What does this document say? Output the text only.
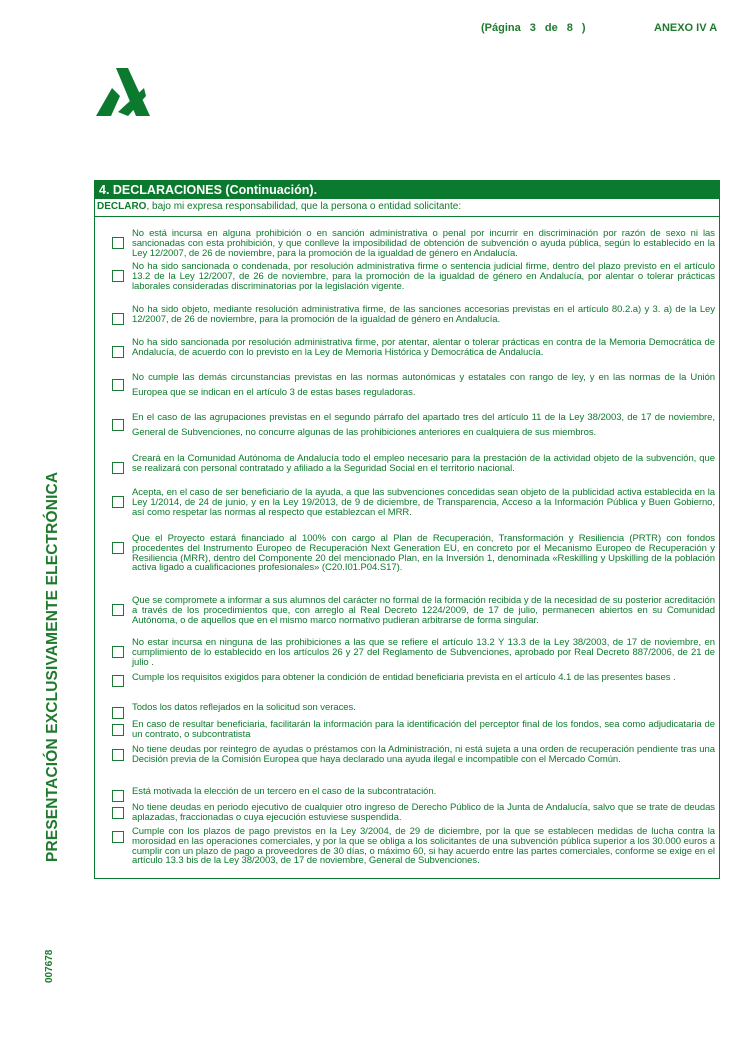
(Página 3 de 8 )	ANEXO IV A
PRESENTACIÓN EXCLUSIVAMENTE ELECTRÓNICA
007678
4. DECLARACIONES (Continuación).
DECLARO, bajo mi expresa responsabilidad, que la persona o entidad solicitante:
No está incursa en alguna prohibición o en sanción administrativa o penal por incurrir en discriminación por razón de sexo ni las sancionadas con esta prohibición, y que conlleve la imposibilidad de obtención de subvención o ayuda pública, según lo establecido en la Ley 12/2007, de 26 de noviembre, para la promoción de la igualdad de género en Andalucía.
No ha sido sancionada o condenada, por resolución administrativa firme o sentencia judicial firme, dentro del plazo previsto en el artículo 13.2 de la Ley 12/2007, de 26 de noviembre, para la promoción de la igualdad de género en Andalucía, por alentar o tolerar prácticas laborales consideradas discriminatorias por la legislación vigente.
No ha sido objeto, mediante resolución administrativa firme, de las sanciones accesorias previstas en el artículo 80.2.a) y 3. a) de la Ley 12/2007, de 26 de noviembre, para la promoción de la igualdad de género en Andalucía.
No ha sido sancionada por resolución administrativa firme, por atentar, alentar o tolerar prácticas en contra de la Memoria Democrática de Andalucía, de acuerdo con lo previsto en la Ley de Memoria Histórica y Democrática de Andalucía.
No cumple las demás circunstancias previstas en las normas autonómicas y estatales con rango de ley, y en las normas de la Unión Europea que se indican en el artículo 3 de estas bases reguladoras.
En el caso de las agrupaciones previstas en el segundo párrafo del apartado tres del artículo 11 de la Ley 38/2003, de 17 de noviembre, General de Subvenciones, no concurre algunas de las prohibiciones anteriores en cualquiera de sus miembros.
Creará en la Comunidad Autónoma de Andalucía todo el empleo necesario para la prestación de la actividad objeto de la subvención, que se realizará con personal contratado y afiliado a la Seguridad Social en el territorio nacional.
Acepta, en el caso de ser beneficiario de la ayuda, a que las subvenciones concedidas sean objeto de la publicidad activa establecida en la Ley 1/2014, de 24 de junio, y en la Ley 19/2013, de 9 de diciembre, de Transparencia, Acceso a la Información Pública y Buen Gobierno, así como respetar las normas al respecto que establezcan el MRR.
Que el Proyecto estará financiado al 100% con cargo al Plan de Recuperación, Transformación y Resiliencia (PRTR) con fondos procedentes del Instrumento Europeo de Recuperación Next Generation EU, en concreto por el Mecanismo Europeo de Recuperación y Resiliencia (MRR), dentro del Componente 20 del mencionado Plan, en la Inversión 1, denominada «Reskilling y Upskilling de la población activa ligado a cualificaciones profesionales» (C20.I01.P04.S17).
Que se compromete a informar a sus alumnos del carácter no formal de la formación recibida y de la necesidad de su posterior acreditación a través de los procedimientos que, con arreglo al Real Decreto 1224/2009, de 17 de julio, permanecen abiertos en su Comunidad Autónoma, o de aquellos que en el mismo marco normativo pudieran arbitrarse de forma singular.
No estar incursa en ninguna de las prohibiciones a las que se refiere el artículo 13.2 Y 13.3 de la Ley 38/2003, de 17 de noviembre, en cumplimiento de lo establecido en los artículos 26 y 27 del Reglamento de Subvenciones, aprobado por Real Decreto 887/2006, de 21 de julio .
Cumple los requisitos exigidos para obtener la condición de entidad beneficiaria prevista en el artículo 4.1 de las presentes bases .
Todos los datos reflejados en la solicitud son veraces.
En caso de resultar beneficiaria, facilitarán la información para la identificación del perceptor final de los fondos, sea como adjudicataria de un contrato, o subcontratista
No tiene deudas por reintegro de ayudas o préstamos con la Administración, ni está sujeta a una orden de recuperación pendiente tras una Decisión previa de la Comisión Europea que haya declarado una ayuda ilegal e incompatible con el Mercado Común.
Está motivada la elección de un tercero en el caso de la subcontratación.
No tiene deudas en periodo ejecutivo de cualquier otro ingreso de Derecho Público de la Junta de Andalucía, salvo que se trate de deudas aplazadas, fraccionadas o cuya ejecución estuviese suspendida.
Cumple con los plazos de pago previstos en la Ley 3/2004, de 29 de diciembre, por la que se establecen medidas de lucha contra la morosidad en las operaciones comerciales, y por la que se obliga a los solicitantes de una subvención pública superior a los 30.000 euros a cumplir con un plazo de pago a proveedores de 30 días, o máximo 60, si hay acuerdo entre las partes comerciales, conforme se exige en el artículo 13.3 bis de la Ley 38/2003, de 17 de noviembre, General de Subvenciones.
